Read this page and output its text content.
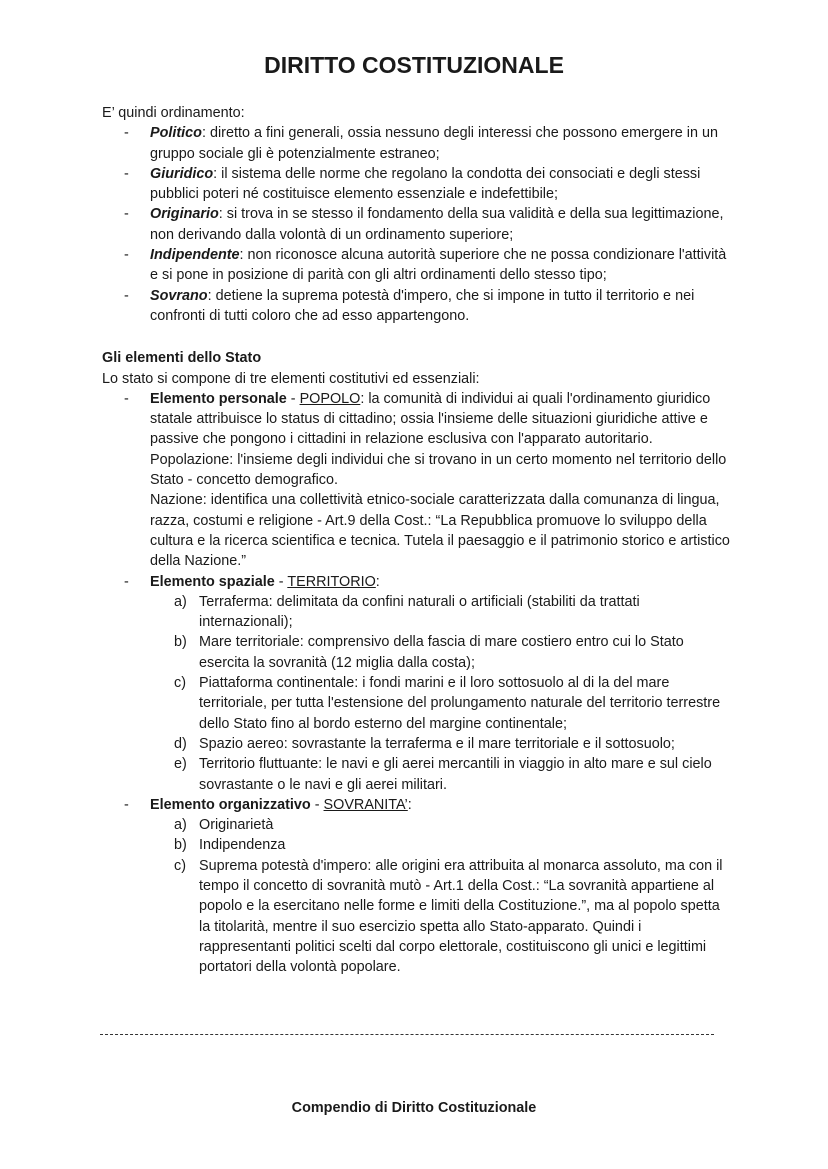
DIRITTO COSTITUZIONALE

E’ quindi ordinamento:

- Politico: diretto a fini generali, ossia nessuno degli interessi che possono emergere in un gruppo sociale gli è potenzialmente estraneo;
- Giuridico: il sistema delle norme che regolano la condotta dei consociati e degli stessi pubblici poteri né costituisce elemento essenziale e indefettibile;
- Originario: si trova in se stesso il fondamento della sua validità e della sua legittimazione, non derivando dalla volontà di un ordinamento superiore;
- Indipendente: non riconosce alcuna autorità superiore che ne possa condizionare l'attività e si pone in posizione di parità con gli altri ordinamenti dello stesso tipo;
- Sovrano: detiene la suprema potestà d'impero, che si impone in tutto il territorio e nei confronti di tutti coloro che ad esso appartengono.

Gli elementi dello Stato

Lo stato si compone di tre elementi costitutivi ed essenziali:

- Elemento personale - POPOLO: la comunità di individui ai quali l'ordinamento giuridico statale attribuisce lo status di cittadino; ossia l'insieme delle situazioni giuridiche attive e passive che pongono i cittadini in relazione esclusiva con l'apparato autoritario.
Popolazione: l'insieme degli individui che si trovano in un certo momento nel territorio dello Stato - concetto demografico.
Nazione: identifica una collettività etnico-sociale caratterizzata dalla comunanza di lingua, razza, costumi e religione - Art.9 della Cost.: “La Repubblica promuove lo sviluppo della cultura e la ricerca scientifica e tecnica. Tutela il paesaggio e il patrimonio storico e artistico della Nazione.”
- Elemento spaziale - TERRITORIO:
a) Terraferma: delimitata da confini naturali o artificiali (stabiliti da trattati internazionali);
b) Mare territoriale: comprensivo della fascia di mare costiero entro cui lo Stato esercita la sovranità (12 miglia dalla costa);
c) Piattaforma continentale: i fondi marini e il loro sottosuolo al di la del mare territoriale, per tutta l'estensione del prolungamento naturale del territorio terrestre dello Stato fino al bordo esterno del margine continentale;
d) Spazio aereo: sovrastante la terraferma e il mare territoriale e il sottosuolo;
e) Territorio fluttuante: le navi e gli aerei mercantili in viaggio in alto mare e sul cielo sovrastante o le navi e gli aerei militari.
- Elemento organizzativo - SOVRANITA’:
a) Originarietà
b) Indipendenza
c) Suprema potestà d'impero: alle origini era attribuita al monarca assoluto, ma con il tempo il concetto di sovranità mutò - Art.1 della Cost.: “La sovranità appartiene al popolo e la esercitano nelle forme e limiti della Costituzione.”, ma al popolo spetta la titolarità, mentre il suo esercizio spetta allo Stato-apparato. Quindi i rappresentanti politici scelti dal corpo elettorale, costituiscono gli unici e legittimi portatori della volontà popolare.

Compendio di Diritto Costituzionale
